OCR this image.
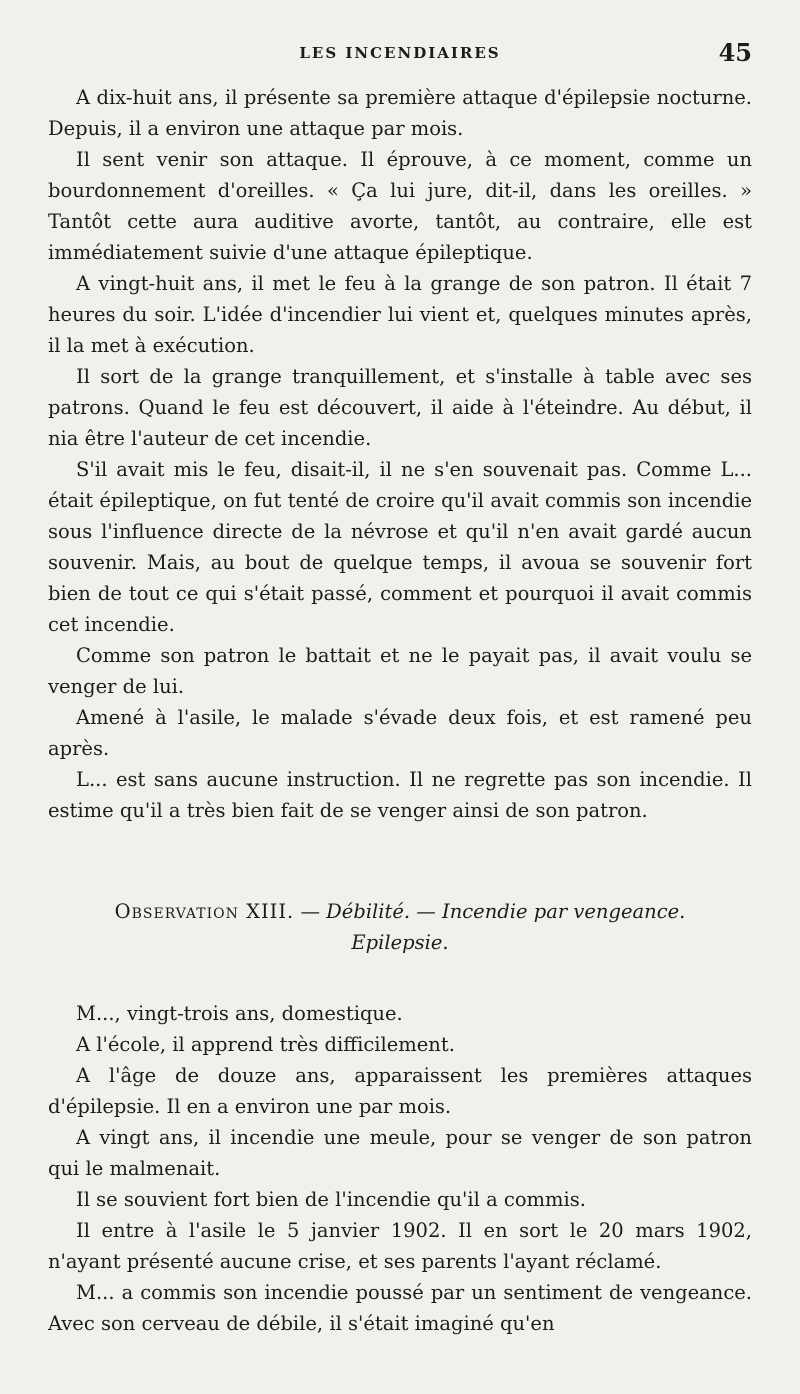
LES INCENDIAIRES	45

A dix-huit ans, il présente sa première attaque d'épilepsie nocturne. Depuis, il a environ une attaque par mois.

Il sent venir son attaque. Il éprouve, à ce moment, comme un bourdonnement d'oreilles. « Ça lui jure, dit-il, dans les oreilles. » Tantôt cette aura auditive avorte, tantôt, au contraire, elle est immédiatement suivie d'une attaque épileptique.

A vingt-huit ans, il met le feu à la grange de son patron. Il était 7 heures du soir. L'idée d'incendier lui vient et, quelques minutes après, il la met à exécution.

Il sort de la grange tranquillement, et s'installe à table avec ses patrons. Quand le feu est découvert, il aide à l'éteindre. Au début, il nia être l'auteur de cet incendie.

S'il avait mis le feu, disait-il, il ne s'en souvenait pas. Comme L... était épileptique, on fut tenté de croire qu'il avait commis son incendie sous l'influence directe de la névrose et qu'il n'en avait gardé aucun souvenir. Mais, au bout de quelque temps, il avoua se souvenir fort bien de tout ce qui s'était passé, comment et pourquoi il avait commis cet incendie.

Comme son patron le battait et ne le payait pas, il avait voulu se venger de lui.

Amené à l'asile, le malade s'évade deux fois, et est ramené peu après.

L... est sans aucune instruction. Il ne regrette pas son incendie. Il estime qu'il a très bien fait de se venger ainsi de son patron.

Observation XIII. — Débilité. — Incendie par vengeance.
Epilepsie.

M..., vingt-trois ans, domestique.

A l'école, il apprend très difficilement.

A l'âge de douze ans, apparaissent les premières attaques d'épilepsie. Il en a environ une par mois.

A vingt ans, il incendie une meule, pour se venger de son patron qui le malmenait.

Il se souvient fort bien de l'incendie qu'il a commis.

Il entre à l'asile le 5 janvier 1902. Il en sort le 20 mars 1902, n'ayant présenté aucune crise, et ses parents l'ayant réclamé.

M... a commis son incendie poussé par un sentiment de vengeance. Avec son cerveau de débile, il s'était imaginé qu'en
